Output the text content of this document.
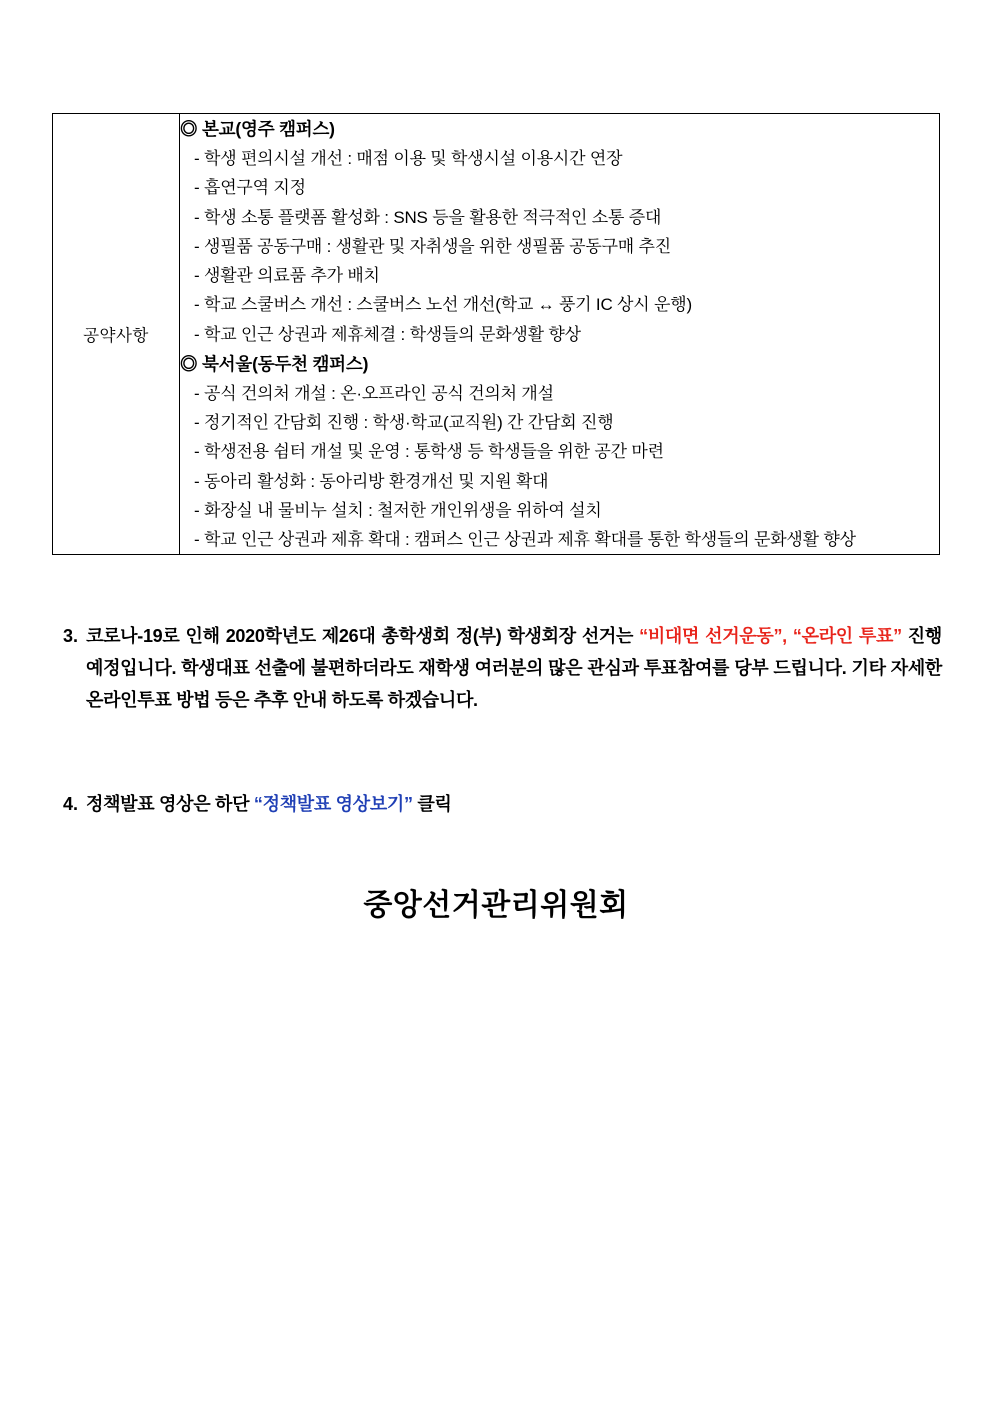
공약사항	
◎ 본교(영주 캠퍼스)
- 학생 편의시설 개선 : 매점 이용 및 학생시설 이용시간 연장
- 흡연구역 지정
- 학생 소통 플랫폼 활성화 : SNS 등을 활용한 적극적인 소통 증대
- 생필품 공동구매 : 생활관 및 자취생을 위한 생필품 공동구매 추진
- 생활관 의료품 추가 배치
- 학교 스쿨버스 개선 : 스쿨버스 노선 개선(학교 ↔ 풍기 IC 상시 운행)
- 학교 인근 상권과 제휴체결 : 학생들의 문화생활 향상
◎ 북서울(동두천 캠퍼스)
- 공식 건의처 개설 : 온·오프라인 공식 건의처 개설
- 정기적인 간담회 진행 : 학생·학교(교직원) 간 간담회 진행
- 학생전용 쉼터 개설 및 운영 : 통학생 등 학생들을 위한 공간 마련
- 동아리 활성화 : 동아리방 환경개선 및 지원 확대
- 화장실 내 물비누 설치 : 철저한 개인위생을 위하여 설치
- 학교 인근 상권과 제휴 확대 : 캠퍼스 인근 상권과 제휴 확대를 통한 학생들의 문화생활 향상
3. 코로나-19로 인해 2020학년도 제26대 총학생회 정(부) 학생회장 선거는 “비대면 선거운동”, “온라인 투표” 진행 예정입니다. 학생대표 선출에 불편하더라도 재학생 여러분의 많은 관심과 투표참여를 당부 드립니다. 기타 자세한 온라인투표 방법 등은 추후 안내 하도록 하겠습니다.
4. 정책발표 영상은 하단 “정책발표 영상보기” 클릭
중앙선거관리위원회
